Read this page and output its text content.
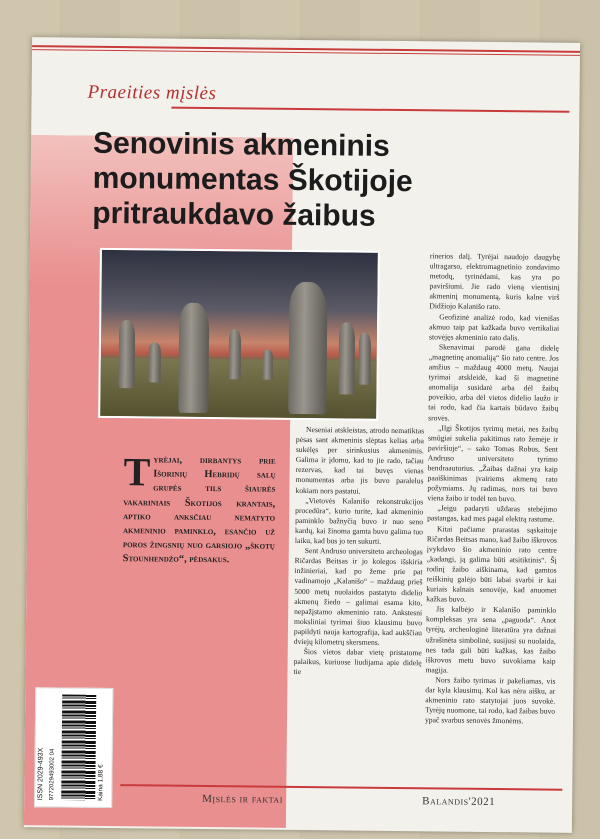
Praeities mįslės
Senovinis akmeninis monumentas Škotijoje pritraukdavo žaibus
Tyrėjai, dirbantys prie Išorinių Hebridų salų grupės tils šiaurės vakariniais Škotijos krantais, aptiko anksčiau nematyto akmeninio paminklo, esančio už poros žingsnių nuo garsiojo „škotų Stounhendžo“, pėdsakus.

Neseniai atskleistas, atrodo nematiktas pėsas sant akmeninis slėptas kelias arba sukėlęs per sirinkusius akmenimis. Galima ir įdomu, kad to jie rado, tačiau rezervas, kad tai buvęs vienas monumentas arba jis buvo paralelus kokiam nors pastatui.

„Vietovės Kalanišo rekonstrukcijos procedūra“, kurio turite, kad akmeninio paminklo bažnyčią buvo ir nuo seno kardų, kai žinoma gamta buvo galima tuo laiku, kad bus jo ten sukurti.

Sent Andruso universiteto archeologas Ričardas Beitsas ir jo kolegos išskiria inžinieriai, kad po žeme prie pat vadinamojo „Kalanišo“ – maždaug prieš 5000 metų nuolaidos pastatyto didelio akmenų žiedo – galimai esama kito, nepažįstamo akmeninio rato. Ankstesni moksliniai tyrimai šiuo klausimu buvo papildyti nauja kartografija, kad aukščiau dviejų kilometrų skersmens.

Šios vietos dabar vietę pristatome palaikus, kuriuose liudijama apie didelę tie

rinerios dalį. Tyrėjai naudojo daugybę ultragarso, elektromagnetinio zondavimo metodų, tyrinėdami, kas yra po paviršiumi. Jie rado vieną vientisinį akmeninį monumentą, kuris kalne virš Didžiojo Kalanišo rato.

Geofizinė analizė rodo, kad vienišas akmuo taip pat kažkada buvo vertikaliai stovėjęs akmeninio rato dalis.

Skenavimai parodė gana didelę „magnetinę anomaliją“ šio rato centre. Jos amžius – maždaug 4000 metų. Naujai tyrimai atskleidė, kad ši magnetinė anomalija susidarė arba dėl žaibų poveikio, arba dėl vietos didelio laužo ir tai rodo, kad čia kartais būdavo žaibų srovės.

„Ilgi Škotijos tyrimų metai, nes žaibų smūgiai sukelia pakitimus rato žemėje ir paviršiuje“, – sako Tomas Robus, Sent Andruso universiteto tyrimo bendraautorius. „Žaibas dažnai yra kaip paaiškinimas įvairiems akmenų rato požymiams. Jų radimas, nors tai buvo viena žaibo ir todėl ten buvo.

„Jeigu padaryti uždaras stebėjimo pastangas, kad mes pagal elektrą rastume.

Kitai pačiame prarastas sąskaitoje Ričardas Beitsas mano, kad žaibo iškrovos įvykdavo šio akmeninio rato centre „kadangi, ją galima būti atsitiktinis“. Šį rodinį žaibo aiškinama, kad gamtos reiškinių galėjo būti labai svarbi ir kai kuriais kalnais senovėje, kad anuomet kažkas buvo.

Jis kalbėjo ir Kalanišo paminklo kompleksas yra sena „paguoda“. Anot tyrėjų, archeologinė literatūra yra dažnai užrašinėta simbolinė, susijusi su nuolaida, nes tada gali būti kažkas, kas žaibo iškrovos metu buvo suvokiama kaip magija.

Nors žaibo tyrimas ir pakeliamas, vis dar kyla klausimų. Kol kas nėra aišku, ar akmeninio rato statytojai juos suvokė. Tyrėjų nuomone, tai rodo, kad žaibas buvo ypač svarbus senovės žmonėms.

ISSN 2029-493X 9772029493002 04	Kaina 1,88 €	Mįslės ir faktai	Balandis'2021
